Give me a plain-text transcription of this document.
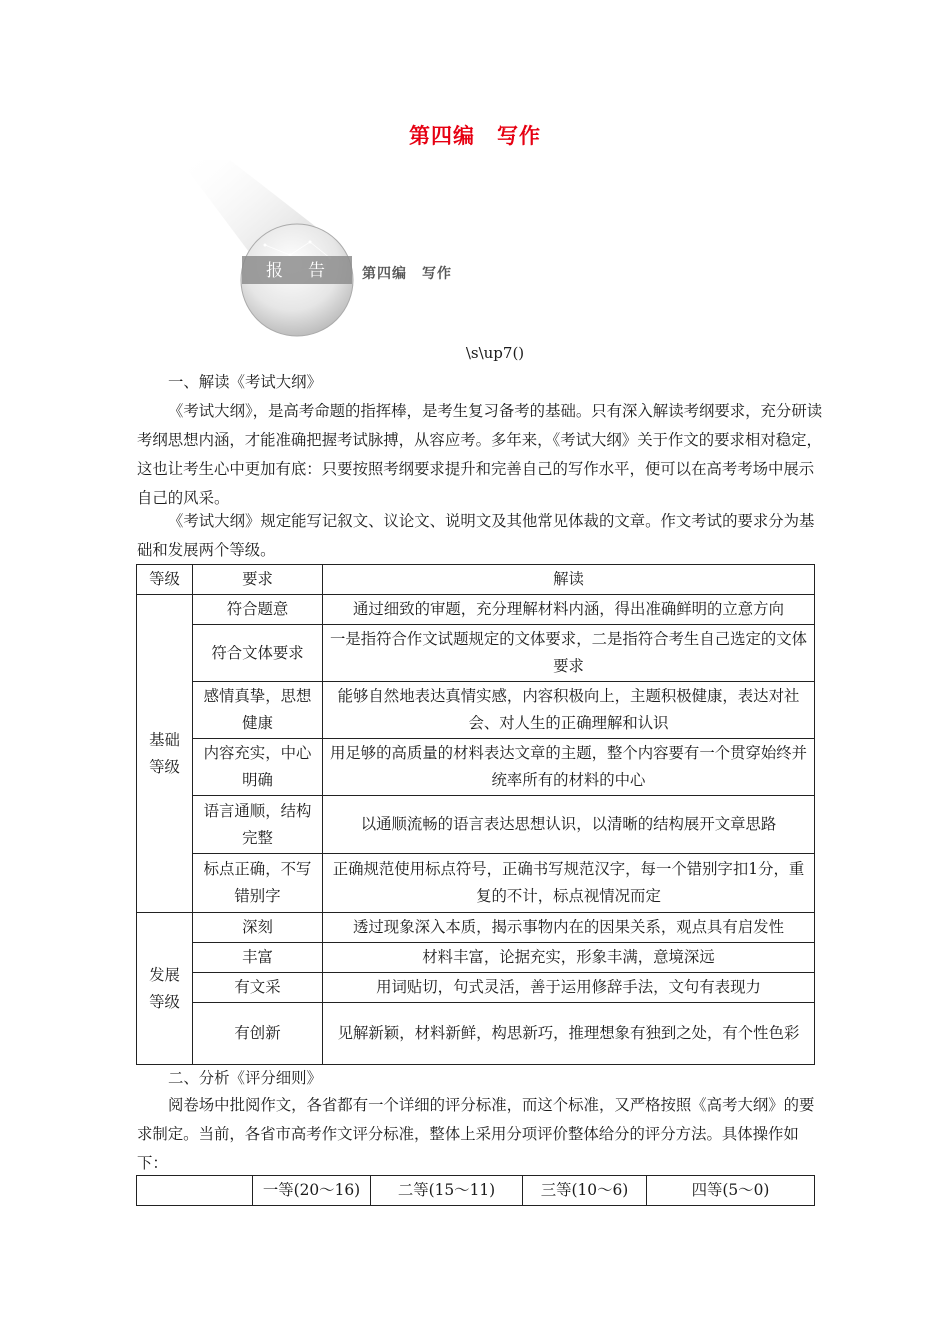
第四编　写作
报 告	第四编　写作
\s\up7()

一、解读《考试大纲》

《考试大纲》，是高考命题的指挥棒，是考生复习备考的基础。只有深入解读考纲要求，充分研读考纲思想内涵，才能准确把握考试脉搏，从容应考。多年来，《考试大纲》关于作文的要求相对稳定，这也让考生心中更加有底：只要按照考纲要求提升和完善自己的写作水平，便可以在高考考场中展示自己的风采。

《考试大纲》规定能写记叙文、议论文、说明文及其他常见体裁的文章。作文考试的要求分为基础和发展两个等级。

等级	要求	解读
基础等级	符合题意	通过细致的审题，充分理解材料内涵，得出准确鲜明的立意方向
	符合文体要求	一是指符合作文试题规定的文体要求，二是指符合考生自己选定的文体要求
	感情真挚，思想健康	能够自然地表达真情实感，内容积极向上，主题积极健康，表达对社会、对人生的正确理解和认识
	内容充实，中心明确	用足够的高质量的材料表达文章的主题，整个内容要有一个贯穿始终并统率所有的材料的中心
	语言通顺，结构完整	以通顺流畅的语言表达思想认识，以清晰的结构展开文章思路
	标点正确，不写错别字	正确规范使用标点符号，正确书写规范汉字，每一个错别字扣1分，重复的不计，标点视情况而定
发展等级	深刻	透过现象深入本质，揭示事物内在的因果关系，观点具有启发性
	丰富	材料丰富，论据充实，形象丰满，意境深远
	有文采	用词贴切，句式灵活，善于运用修辞手法，文句有表现力
	有创新	见解新颖，材料新鲜，构思新巧，推理想象有独到之处，有个性色彩

二、分析《评分细则》

阅卷场中批阅作文，各省都有一个详细的评分标准，而这个标准，又严格按照《高考大纲》的要求制定。当前，各省市高考作文评分标准，整体上采用分项评价整体给分的评分方法。具体操作如下：

	一等(20～16)	二等(15～11)	三等(10～6)	四等(5～0)
